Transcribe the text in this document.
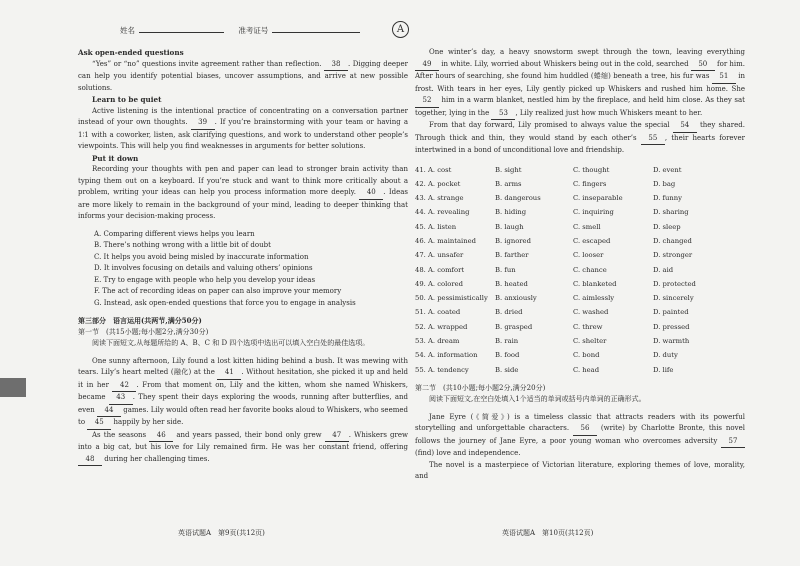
姓名	准考证号	A
Ask open-ended questions

“Yes” or “no” questions invite agreement rather than reflection. 38 . Digging deeper can help you identify potential biases, uncover assumptions, and arrive at new possible solutions.

Learn to be quiet

Active listening is the intentional practice of concentrating on a conversation partner instead of your own thoughts. 39 . If you’re brainstorming with your team or having a 1∶1 with a coworker, listen, ask clarifying questions, and work to understand other people’s viewpoints. This will help you find weaknesses in arguments for better solutions.

Put it down

Recording your thoughts with pen and paper can lead to stronger brain activity than typing them out on a keyboard. If you’re stuck and want to think more critically about a problem, writing your ideas can help you process information more deeply. 40 . Ideas are more likely to remain in the background of your mind, leading to deeper thinking that informs your decision-making process.

A. Comparing different views helps you learn
B. There’s nothing wrong with a little bit of doubt
C. It helps you avoid being misled by inaccurate information
D. It involves focusing on details and valuing others’ opinions
E. Try to engage with people who help you develop your ideas
F. The act of recording ideas on paper can also improve your memory
G. Instead, ask open-ended questions that force you to engage in analysis
第三部分　语言运用(共两节,满分50分)
第一节　(共15小题;每小题2分,满分30分)

阅读下面短文,从每题所给的 A、B、C 和 D 四个选项中选出可以填入空白处的最佳选项。

One sunny afternoon, Lily found a lost kitten hiding behind a bush. It was mewing with tears. Lily’s heart melted (融化) at the 41 . Without hesitation, she picked it up and held it in her 42 . From that moment on, Lily and the kitten, whom she named Whiskers, became 43 . They spent their days exploring the woods, running after butterflies, and even 44 games. Lily would often read her favorite books aloud to Whiskers, who seemed to 45 happily by her side.

As the seasons 46 and years passed, their bond only grew 47 . Whiskers grew into a big cat, but his love for Lily remained firm. He was her constant friend, offering 48 during her challenging times.

英语试题A　第9页(共12页)

One winter’s day, a heavy snowstorm swept through the town, leaving everything 49 in white. Lily, worried about Whiskers being out in the cold, searched 50 for him. After hours of searching, she found him huddled (蜷缩) beneath a tree, his fur was 51 in frost. With tears in her eyes, Lily gently picked up Whiskers and rushed him home. She 52 him in a warm blanket, nestled him by the fireplace, and held him close. As they sat together, lying in the 53 , Lily realized just how much Whiskers meant to her.

From that day forward, Lily promised to always value the special 54 they shared. Through thick and thin, they would stand by each other’s 55 , their hearts forever intertwined in a bond of unconditional love and friendship.

41. A. cost	B. sight	C. thought	D. event
42. A. pocket	B. arms	C. fingers	D. bag
43. A. strange	B. dangerous	C. inseparable	D. funny
44. A. revealing	B. hiding	C. inquiring	D. sharing
45. A. listen	B. laugh	C. smell	D. sleep
46. A. maintained	B. ignored	C. escaped	D. changed
47. A. unsafer	B. farther	C. looser	D. stronger
48. A. comfort	B. fun	C. chance	D. aid
49. A. colored	B. heated	C. blanketed	D. protected
50. A. pessimistically	B. anxiously	C. aimlessly	D. sincerely
51. A. coated	B. dried	C. washed	D. painted
52. A. wrapped	B. grasped	C. threw	D. pressed
53. A. dream	B. rain	C. shelter	D. warmth
54. A. information	B. food	C. bond	D. duty
55. A. tendency	B. side	C. head	D. life
第二节　(共10小题;每小题2分,满分20分)

阅读下面短文,在空白处填入1个适当的单词或括号内单词的正确形式。

Jane Eyre (《简爱》) is a timeless classic that attracts readers with its powerful storytelling and unforgettable characters. 56 (write) by Charlotte Bronte, this novel follows the journey of Jane Eyre, a poor young woman who overcomes adversity 57 (find) love and independence.

The novel is a masterpiece of Victorian literature, exploring themes of love, morality, and

英语试题A　第10页(共12页)
